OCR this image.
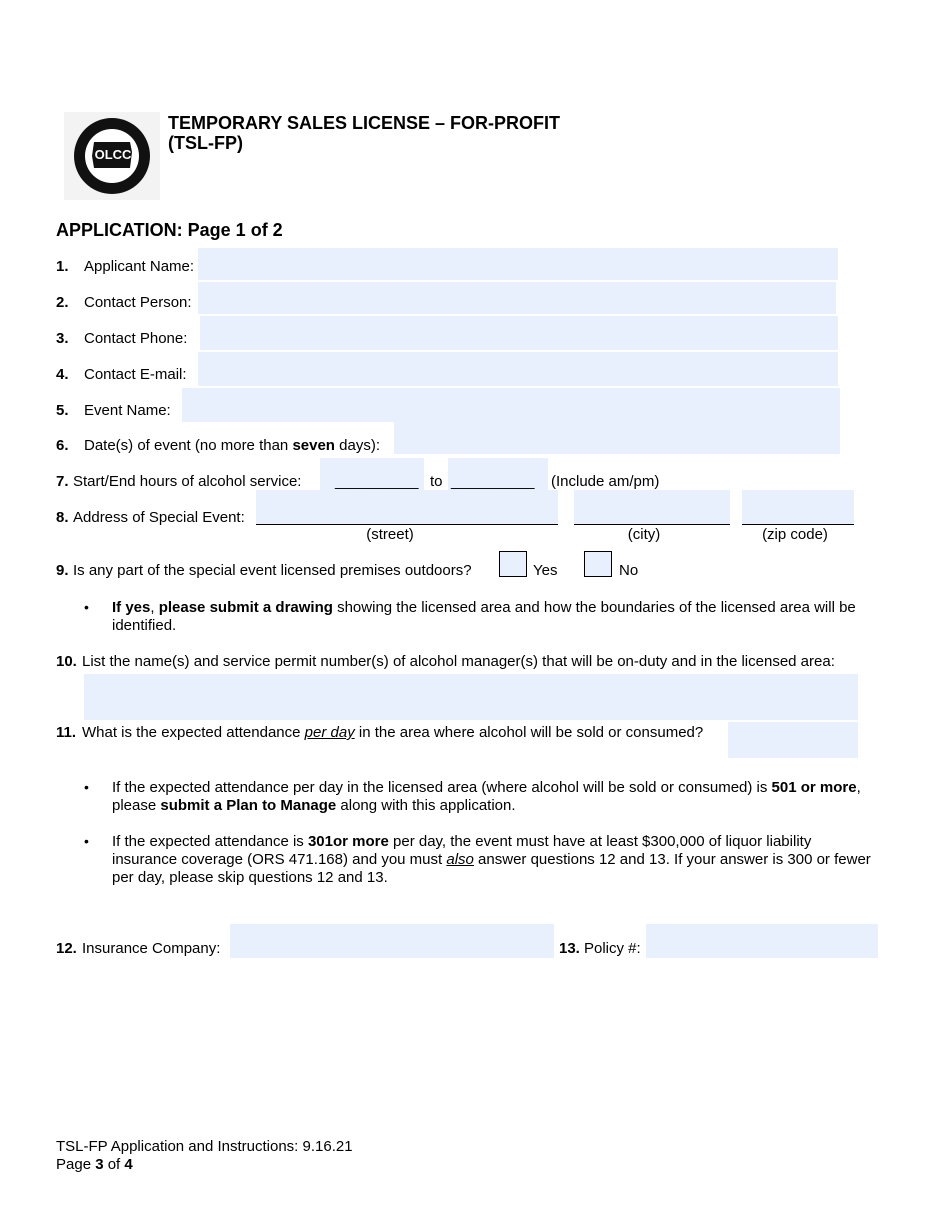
OLCC
TEMPORARY SALES LICENSE – FOR-PROFIT
(TSL-FP)
APPLICATION: Page 1 of 2
1. Applicant Name:
2. Contact Person:
3. Contact Phone:
4. Contact E-mail:
5. Event Name:
6. Date(s) of event (no more than seven days):
7. Start/End hours of alcohol service: __________ to __________ (Include am/pm)
8. Address of Special Event:
(street)	(city)	(zip code)
9. Is any part of the special event licensed premises outdoors?	Yes	No
• If yes, please submit a drawing showing the licensed area and how the boundaries of the licensed area will be identified.
10. List the name(s) and service permit number(s) of alcohol manager(s) that will be on-duty and in the licensed area:
11. What is the expected attendance per day in the area where alcohol will be sold or consumed?
• If the expected attendance per day in the licensed area (where alcohol will be sold or consumed) is 501 or more, please submit a Plan to Manage along with this application.
• If the expected attendance is 301or more per day, the event must have at least $300,000 of liquor liability insurance coverage (ORS 471.168) and you must also answer questions 12 and 13. If your answer is 300 or fewer per day, please skip questions 12 and 13.
12. Insurance Company:	13. Policy #:
TSL-FP Application and Instructions: 9.16.21
Page 3 of 4
